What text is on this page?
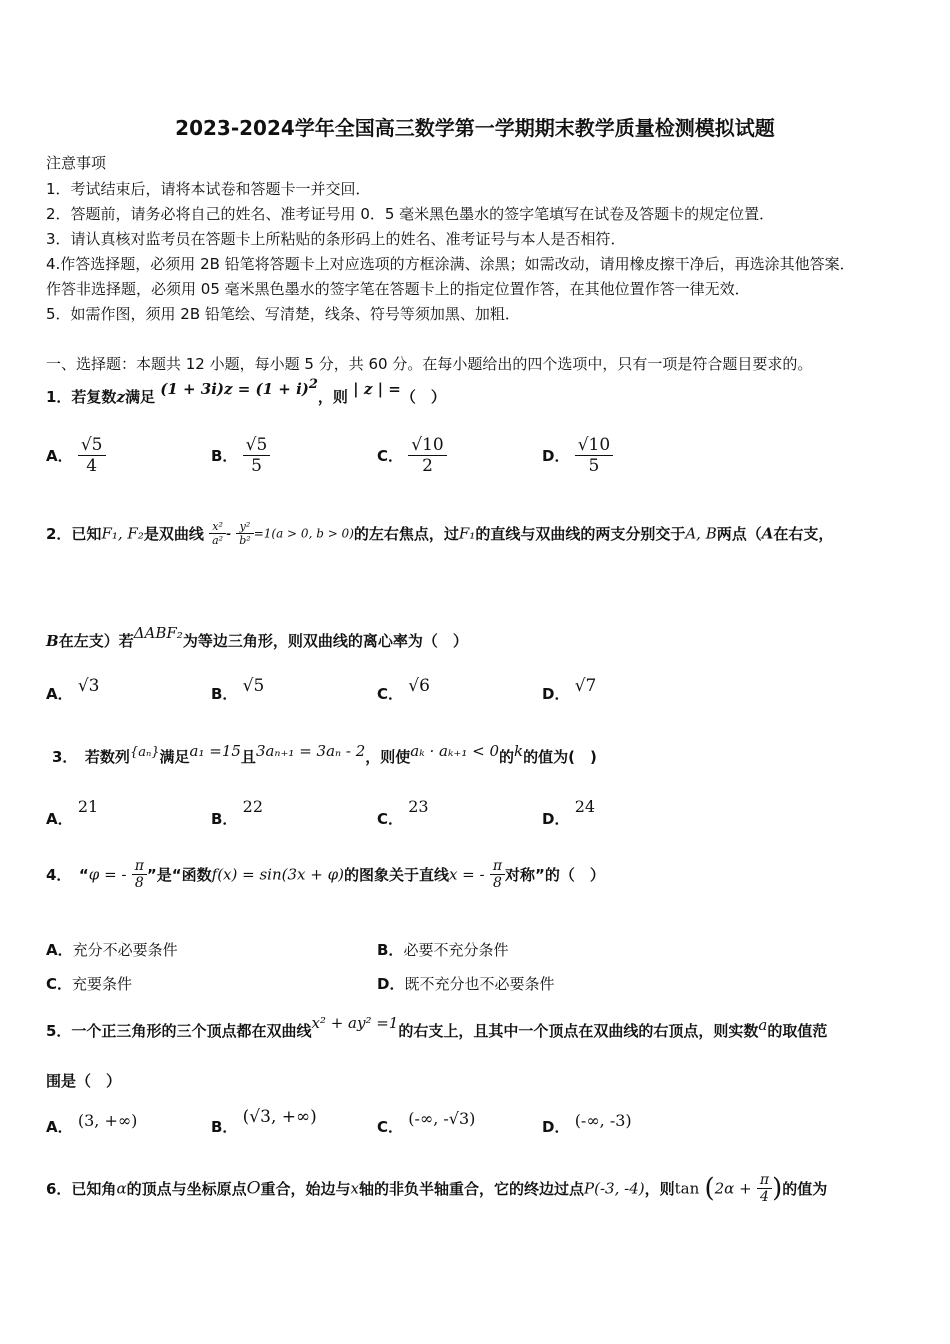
2023-2024学年全国高三数学第一学期期末教学质量检测模拟试题
注意事项
1．考试结束后，请将本试卷和答题卡一并交回．
2．答题前，请务必将自己的姓名、准考证号用 0．5 毫米黑色墨水的签字笔填写在试卷及答题卡的规定位置．
3．请认真核对监考员在答题卡上所粘贴的条形码上的姓名、准考证号与本人是否相符．
4.作答选择题，必须用 2B 铅笔将答题卡上对应选项的方框涂满、涂黑；如需改动，请用橡皮擦干净后，再选涂其他答案．
作答非选择题，必须用 05 毫米黑色墨水的签字笔在答题卡上的指定位置作答，在其他位置作答一律无效．
5．如需作图，须用 2B 铅笔绘、写清楚，线条、符号等须加黑、加粗．
一、选择题：本题共 12 小题，每小题 5 分，共 60 分。在每小题给出的四个选项中，只有一项是符合题目要求的。
1．若复数z满足 $(1 + 3i)z = (1 + i)^2$，则 | z | =（　）
A． $\frac{√5}{4}$	B． $\frac{√5}{5}$	C． $\frac{√10}{2}$	D． $\frac{√10}{5}$
2．已知F₁, F₂是双曲线 $\frac{\text{x²}}{\text{a²}} - \frac{\text{y²}}{\text{b²}} =1(a > 0$, b > 0)的左右焦点，过F₁的直线与双曲线的两支分别交于A, B两点（A在右支，
B在左支）若ΔABF₂为等边三角形，则双曲线的离心率为（　）
A． √3	B． √5	C． √6	D． √7
3．　若数列{aₙ}满足a₁ =15且3aₙ₊₁ = 3aₙ - 2，则使aₖ · aₖ₊₁ < 0的k的值为(　)
A． 21
B． 22
C． 23
D． 24
4．　“φ = - $\frac{\pi}{8}$ ”是“函数f(x) = sin(3x + φ)的图象关于直线x = - $\frac{\pi}{8}$ 对称”的（　）
A．充分不必要条件	B．必要不充分条件
C．充要条件	D．既不充分也不必要条件
5．一个正三角形的三个顶点都在双曲线x² + ay² =1的右支上，且其中一个顶点在双曲线的右顶点，则实数a的取值范
围是（　）
A． (3, +∞)	B． (√3, +∞)	C． (-∞, -√3)	D． (-∞, -3)
6．已知角α的顶点与坐标原点O重合，始边与x轴的非负半轴重合，它的终边过点P(-3, -4)，则$\tan (2\alpha + \frac{\pi}{4}$ )的值为
